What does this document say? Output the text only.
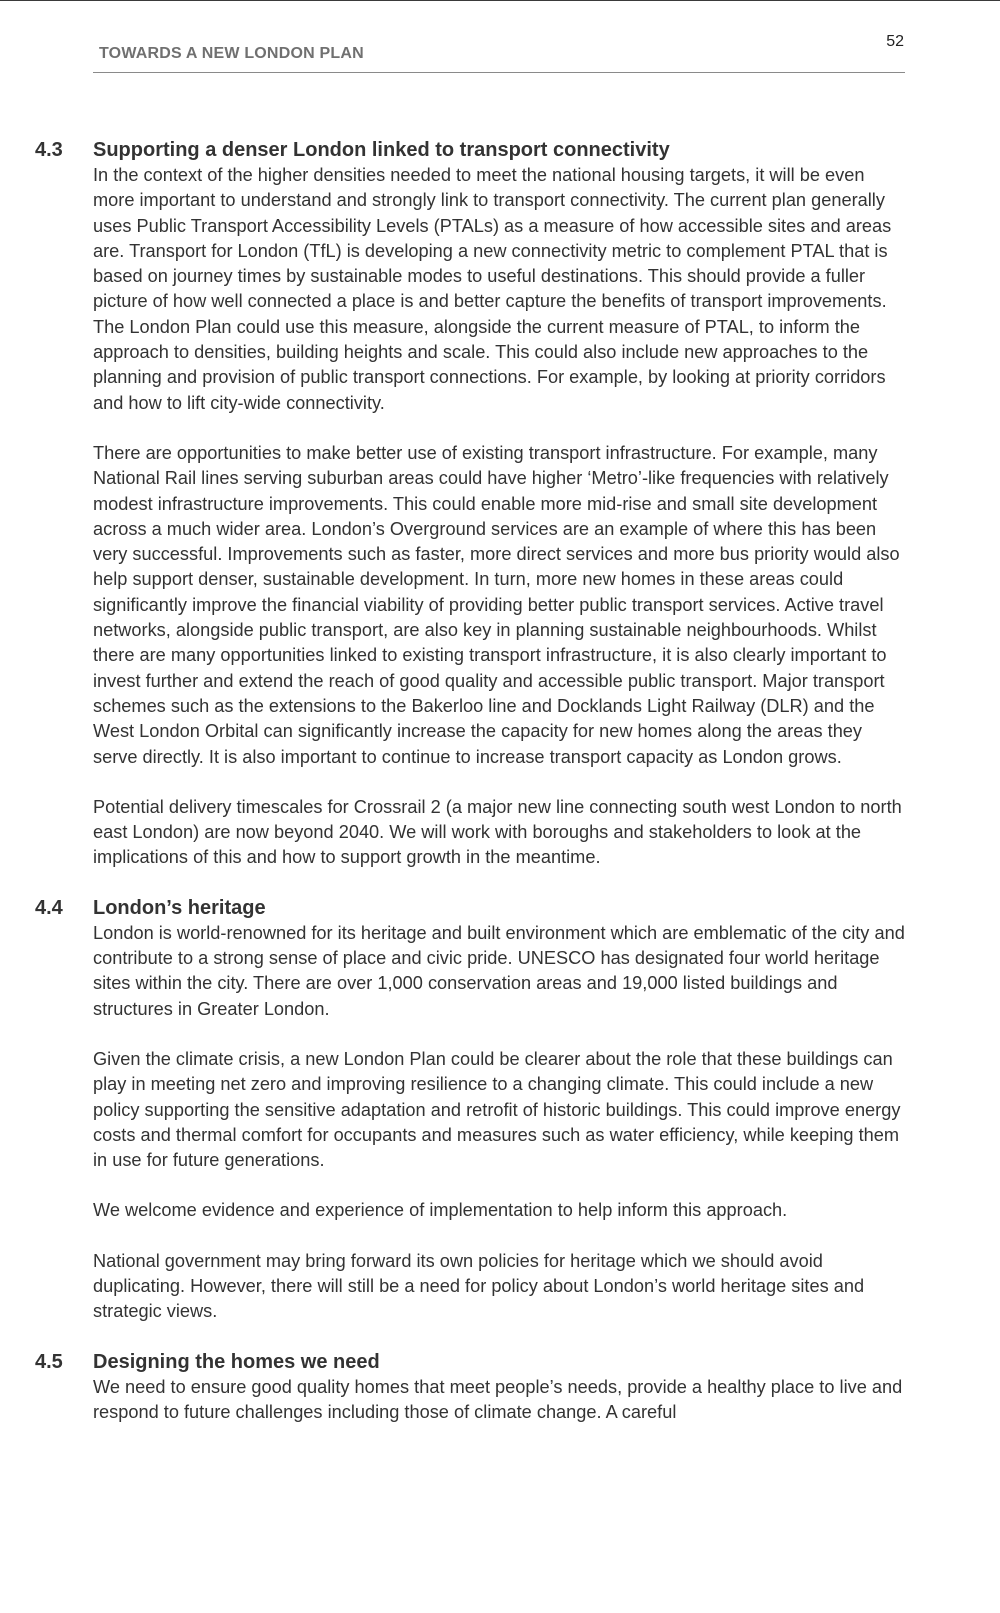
TOWARDS A NEW LONDON PLAN
52
4.3 Supporting a denser London linked to transport connectivity

In the context of the higher densities needed to meet the national housing targets, it will be even more important to understand and strongly link to transport connectivity. The current plan generally uses Public Transport Accessibility Levels (PTALs) as a measure of how accessible sites and areas are. Transport for London (TfL) is developing a new connectivity metric to complement PTAL that is based on journey times by sustainable modes to useful destinations. This should provide a fuller picture of how well connected a place is and better capture the benefits of transport improvements. The London Plan could use this measure, alongside the current measure of PTAL, to inform the approach to densities, building heights and scale. This could also include new approaches to the planning and provision of public transport connections. For example, by looking at priority corridors and how to lift city-wide connectivity.

There are opportunities to make better use of existing transport infrastructure. For example, many National Rail lines serving suburban areas could have higher ‘Metro’-like frequencies with relatively modest infrastructure improvements. This could enable more mid-rise and small site development across a much wider area. London’s Overground services are an example of where this has been very successful. Improvements such as faster, more direct services and more bus priority would also help support denser, sustainable development. In turn, more new homes in these areas could significantly improve the financial viability of providing better public transport services. Active travel networks, alongside public transport, are also key in planning sustainable neighbourhoods. Whilst there are many opportunities linked to existing transport infrastructure, it is also clearly important to invest further and extend the reach of good quality and accessible public transport. Major transport schemes such as the extensions to the Bakerloo line and Docklands Light Railway (DLR) and the West London Orbital can significantly increase the capacity for new homes along the areas they serve directly. It is also important to continue to increase transport capacity as London grows.

Potential delivery timescales for Crossrail 2 (a major new line connecting south west London to north east London) are now beyond 2040. We will work with boroughs and stakeholders to look at the implications of this and how to support growth in the meantime.

4.4 London’s heritage

London is world-renowned for its heritage and built environment which are emblematic of the city and contribute to a strong sense of place and civic pride. UNESCO has designated four world heritage sites within the city. There are over 1,000 conservation areas and 19,000 listed buildings and structures in Greater London.

Given the climate crisis, a new London Plan could be clearer about the role that these buildings can play in meeting net zero and improving resilience to a changing climate. This could include a new policy supporting the sensitive adaptation and retrofit of historic buildings. This could improve energy costs and thermal comfort for occupants and measures such as water efficiency, while keeping them in use for future generations.

We welcome evidence and experience of implementation to help inform this approach.

National government may bring forward its own policies for heritage which we should avoid duplicating. However, there will still be a need for policy about London’s world heritage sites and strategic views.

4.5 Designing the homes we need

We need to ensure good quality homes that meet people’s needs, provide a healthy place to live and respond to future challenges including those of climate change. A careful
